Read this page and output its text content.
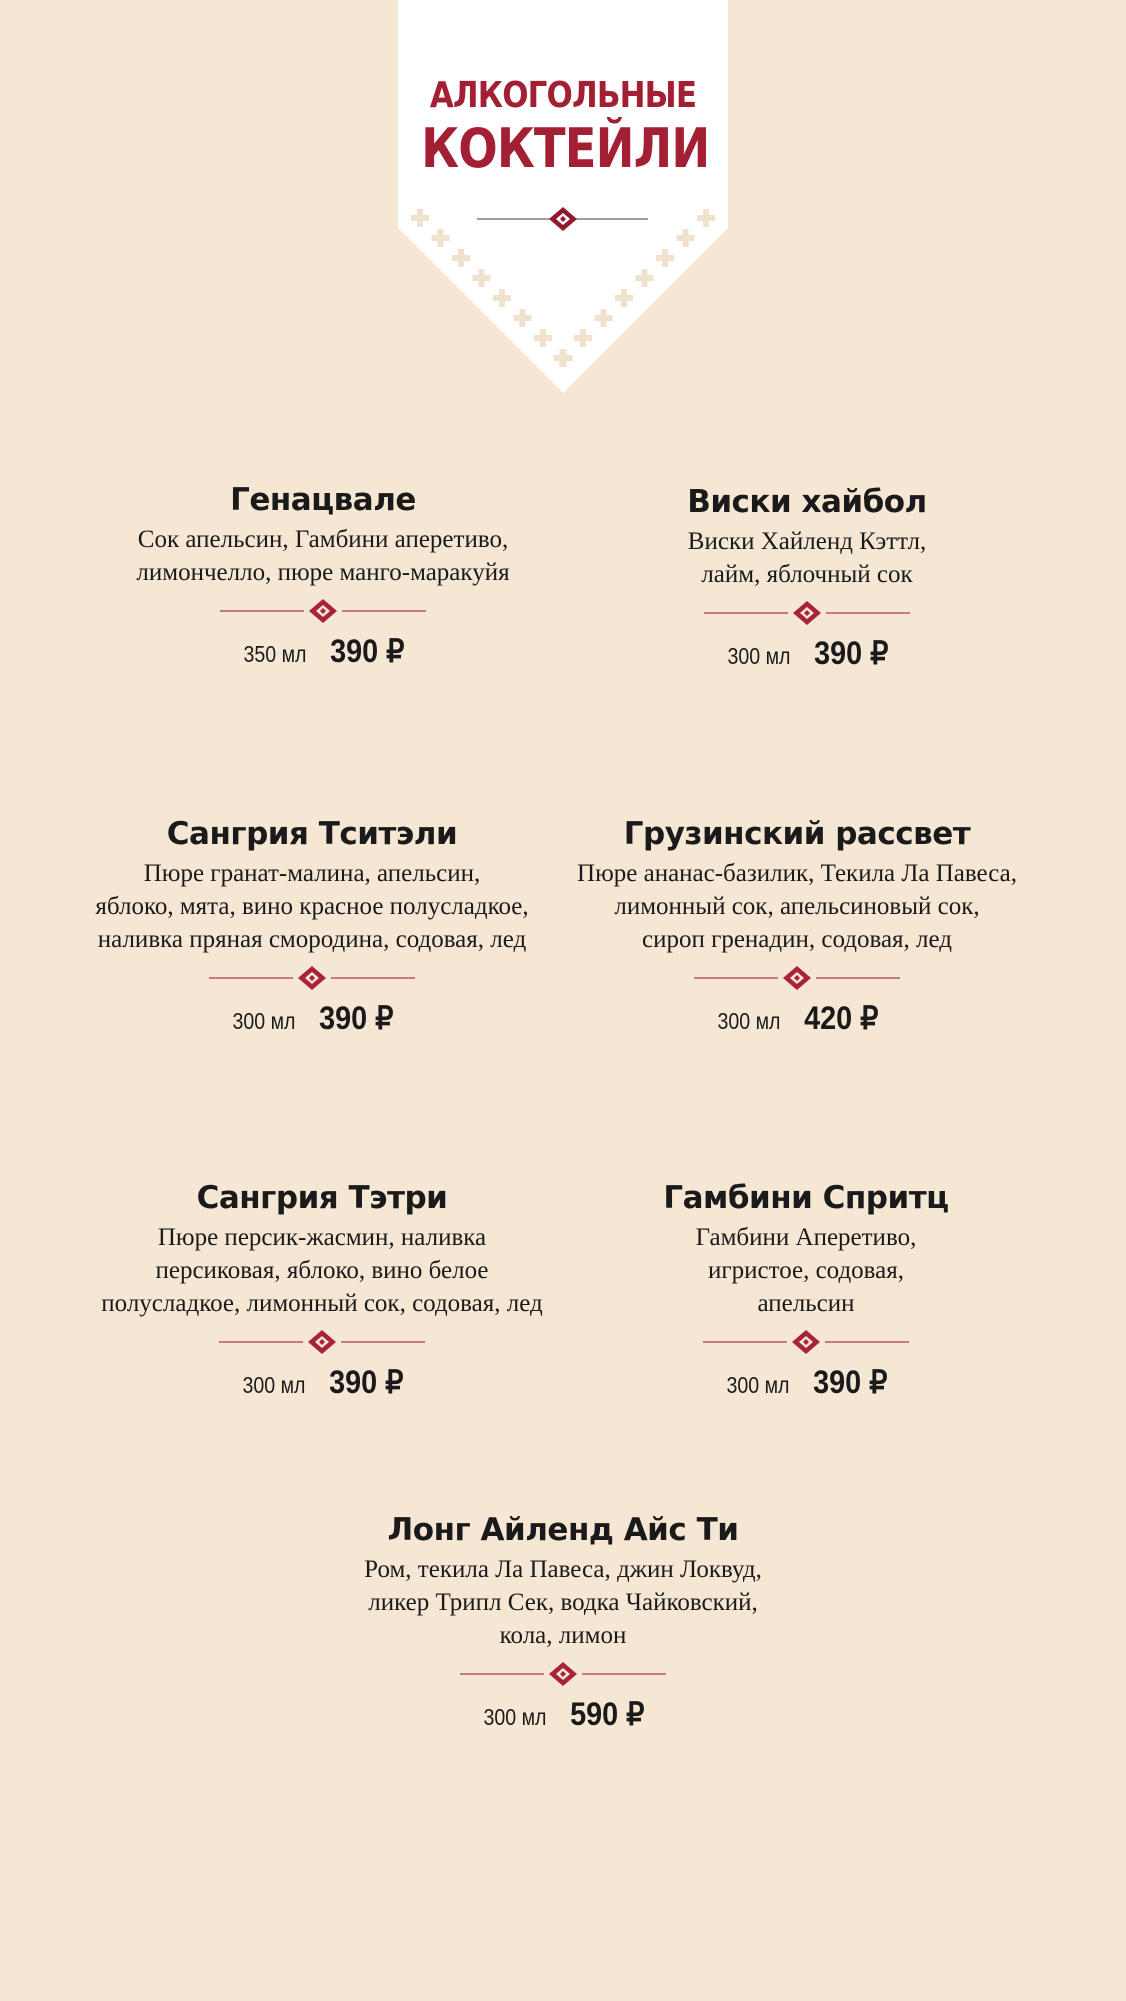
АЛКОГОЛЬНЫЕ
КОКТЕЙЛИ
Генацвале
Сок апельсин, Гамбини аперетиво,
лимончелло, пюре манго-маракуйя
350 мл 390 ₽
Виски хайбол
Виски Хайленд Кэттл,
лайм, яблочный сок
300 мл 390 ₽
Сангрия Тситэли
Пюре гранат-малина, апельсин,
яблоко, мята, вино красное полусладкое,
наливка пряная смородина, содовая, лед
300 мл 390 ₽
Грузинский рассвет
Пюре ананас-базилик, Текила Ла Павеса,
лимонный сок, апельсиновый сок,
сироп гренадин, содовая, лед
300 мл 420 ₽
Сангрия Тэтри
Пюре персик-жасмин, наливка
персиковая, яблоко, вино белое
полусладкое, лимонный сок, содовая, лед
300 мл 390 ₽
Гамбини Спритц
Гамбини Аперетиво,
игристое, содовая,
апельсин
300 мл 390 ₽
Лонг Айленд Айс Ти
Ром, текила Ла Павеса, джин Локвуд,
ликер Трипл Сек, водка Чайковский,
кола, лимон
300 мл 590 ₽
